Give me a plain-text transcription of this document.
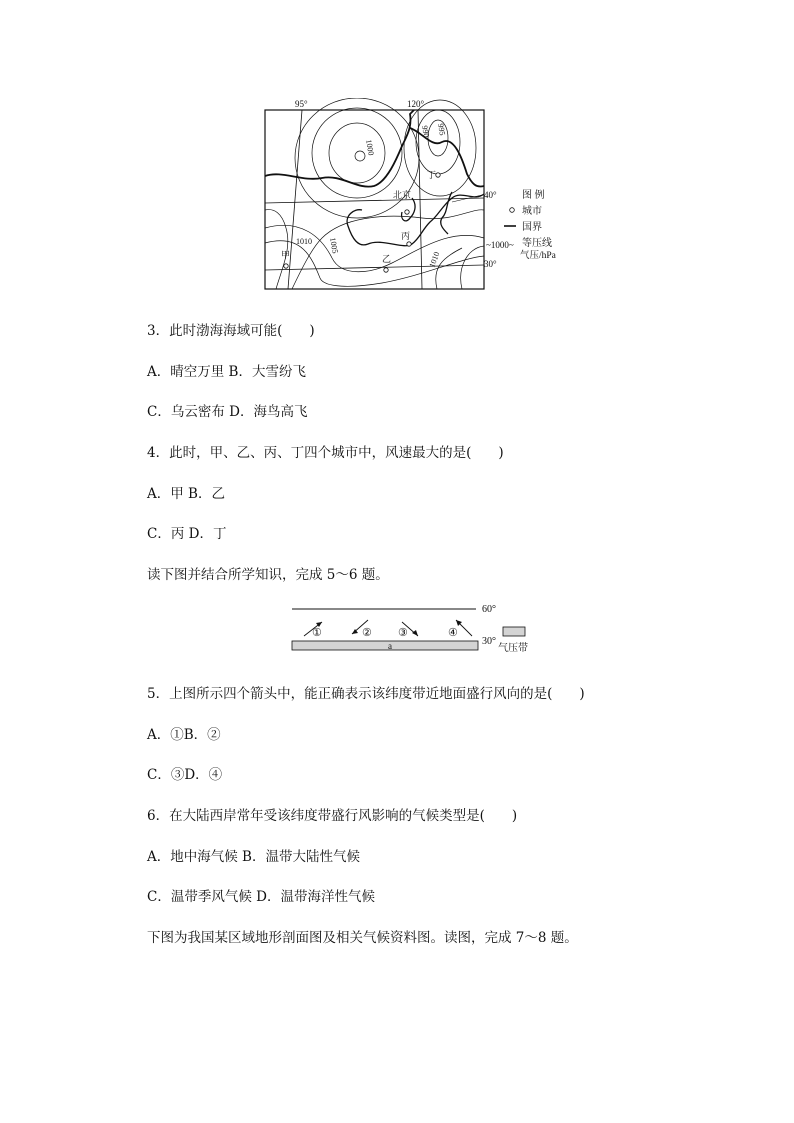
95°	120°
1000
990 995
1005
1010
1010
北京
甲	乙
丙
丁
40°
30°
图 例
城市
国界
~1000~ 等压线
气压/hPa
3．此时渤海海域可能(　　)
A．晴空万里 B．大雪纷飞
C．乌云密布 D．海鸟高飞
4．此时，甲、乙、丙、丁四个城市中，风速最大的是(　　)
A．甲 B．乙
C．丙 D．丁
读下图并结合所学知识，完成 5～6 题。
60°
①	② ③	④
a	30°
气压带
5．上图所示四个箭头中，能正确表示该纬度带近地面盛行风向的是(　　)
A．①B．②
C．③D．④
6．在大陆西岸常年受该纬度带盛行风影响的气候类型是(　　)
A．地中海气候 B．温带大陆性气候
C．温带季风气候 D．温带海洋性气候
下图为我国某区域地形剖面图及相关气候资料图。读图，完成 7～8 题。
